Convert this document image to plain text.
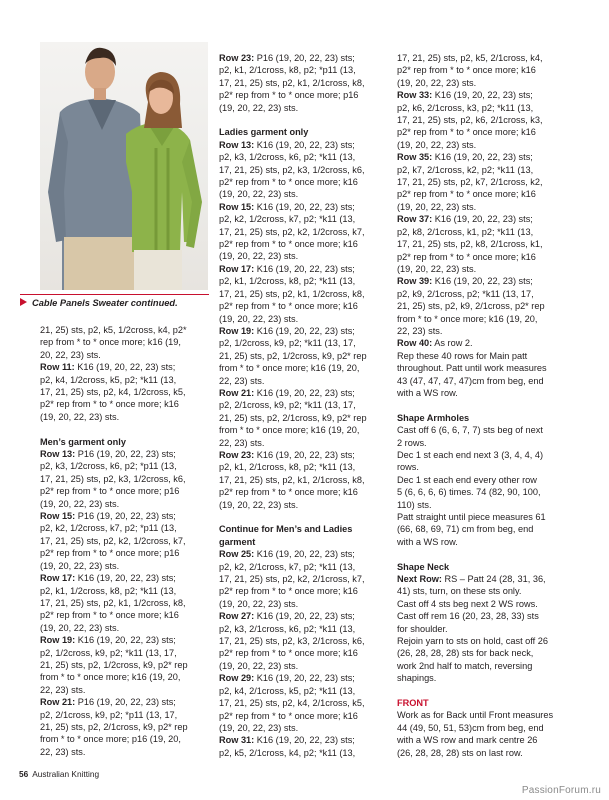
Cable Panels Sweater continued.

21, 25) sts, p2, k5, 1/2cross, k4, p2*

rep from * to * once more; k16 (19,

20, 22, 23) sts.

Row 11: K16 (19, 20, 22, 23) sts;

p2, k4, 1/2cross, k5, p2; *k11 (13,

17, 21, 25) sts, p2, k4, 1/2cross, k5,

p2* rep from * to * once more; k16

(19, 20, 22, 23) sts.

Men’s garment only

Row 13: P16 (19, 20, 22, 23) sts;

p2, k3, 1/2cross, k6, p2; *p11 (13,

17, 21, 25) sts, p2, k3, 1/2cross, k6,

p2* rep from * to * once more; p16

(19, 20, 22, 23) sts.

Row 15: P16 (19, 20, 22, 23) sts;

p2, k2, 1/2cross, k7, p2; *p11 (13,

17, 21, 25) sts, p2, k2, 1/2cross, k7,

p2* rep from * to * once more; p16

(19, 20, 22, 23) sts.

Row 17: K16 (19, 20, 22, 23) sts;

p2, k1, 1/2cross, k8, p2; *k11 (13,

17, 21, 25) sts, p2, k1, 1/2cross, k8,

p2* rep from * to * once more; k16

(19, 20, 22, 23) sts.

Row 19: K16 (19, 20, 22, 23) sts;

p2, 1/2cross, k9, p2; *k11 (13, 17,

21, 25) sts, p2, 1/2cross, k9, p2* rep

from * to * once more; k16 (19, 20,

22, 23) sts.

Row 21: P16 (19, 20, 22, 23) sts;

p2, 2/1cross, k9, p2; *p11 (13, 17,

21, 25) sts, p2, 2/1cross, k9, p2* rep

from * to * once more; p16 (19, 20,

22, 23) sts.

Row 23: P16 (19, 20, 22, 23) sts;

p2, k1, 2/1cross, k8, p2; *p11 (13,

17, 21, 25) sts, p2, k1, 2/1cross, k8,

p2* rep from * to * once more; p16

(19, 20, 22, 23) sts.

Ladies garment only

Row 13: K16 (19, 20, 22, 23) sts;

p2, k3, 1/2cross, k6, p2; *k11 (13,

17, 21, 25) sts, p2, k3, 1/2cross, k6,

p2* rep from * to * once more; k16

(19, 20, 22, 23) sts.

Row 15: K16 (19, 20, 22, 23) sts;

p2, k2, 1/2cross, k7, p2; *k11 (13,

17, 21, 25) sts, p2, k2, 1/2cross, k7,

p2* rep from * to * once more; k16

(19, 20, 22, 23) sts.

Row 17: K16 (19, 20, 22, 23) sts;

p2, k1, 1/2cross, k8, p2; *k11 (13,

17, 21, 25) sts, p2, k1, 1/2cross, k8,

p2* rep from * to * once more; k16

(19, 20, 22, 23) sts.

Row 19: K16 (19, 20, 22, 23) sts;

p2, 1/2cross, k9, p2; *k11 (13, 17,

21, 25) sts, p2, 1/2cross, k9, p2* rep

from * to * once more; k16 (19, 20,

22, 23) sts.

Row 21: K16 (19, 20, 22, 23) sts;

p2, 2/1cross, k9, p2; *k11 (13, 17,

21, 25) sts, p2, 2/1cross, k9, p2* rep

from * to * once more; k16 (19, 20,

22, 23) sts.

Row 23: K16 (19, 20, 22, 23) sts;

p2, k1, 2/1cross, k8, p2; *k11 (13,

17, 21, 25) sts, p2, k1, 2/1cross, k8,

p2* rep from * to * once more; k16

(19, 20, 22, 23) sts.

Continue for Men’s and Ladies

garment

Row 25: K16 (19, 20, 22, 23) sts;

p2, k2, 2/1cross, k7, p2; *k11 (13,

17, 21, 25) sts, p2, k2, 2/1cross, k7,

p2* rep from * to * once more; k16

(19, 20, 22, 23) sts.

Row 27: K16 (19, 20, 22, 23) sts;

p2, k3, 2/1cross, k6, p2; *k11 (13,

17, 21, 25) sts, p2, k3, 2/1cross, k6,

p2* rep from * to * once more; k16

(19, 20, 22, 23) sts.

Row 29: K16 (19, 20, 22, 23) sts;

p2, k4, 2/1cross, k5, p2; *k11 (13,

17, 21, 25) sts, p2, k4, 2/1cross, k5,

p2* rep from * to * once more; k16

(19, 20, 22, 23) sts.

Row 31: K16 (19, 20, 22, 23) sts;

p2, k5, 2/1cross, k4, p2; *k11 (13,

17, 21, 25) sts, p2, k5, 2/1cross, k4,

p2* rep from * to * once more; k16

(19, 20, 22, 23) sts.

Row 33: K16 (19, 20, 22, 23) sts;

p2, k6, 2/1cross, k3, p2; *k11 (13,

17, 21, 25) sts, p2, k6, 2/1cross, k3,

p2* rep from * to * once more; k16

(19, 20, 22, 23) sts.

Row 35: K16 (19, 20, 22, 23) sts;

p2, k7, 2/1cross, k2, p2; *k11 (13,

17, 21, 25) sts, p2, k7, 2/1cross, k2,

p2* rep from * to * once more; k16

(19, 20, 22, 23) sts.

Row 37: K16 (19, 20, 22, 23) sts;

p2, k8, 2/1cross, k1, p2; *k11 (13,

17, 21, 25) sts, p2, k8, 2/1cross, k1,

p2* rep from * to * once more; k16

(19, 20, 22, 23) sts.

Row 39: K16 (19, 20, 22, 23) sts;

p2, k9, 2/1cross, p2; *k11 (13, 17,

21, 25) sts, p2, k9, 2/1cross, p2* rep

from * to * once more; k16 (19, 20,

22, 23) sts.

Row 40: As row 2.

Rep these 40 rows for Main patt

throughout. Patt until work measures

43 (47, 47, 47, 47)cm from beg, end

with a WS row.

Shape Armholes

Cast off 6 (6, 6, 7, 7) sts beg of next

2 rows.

Dec 1 st each end next 3 (3, 4, 4, 4)

rows.

Dec 1 st each end every other row

5 (6, 6, 6, 6) times. 74 (82, 90, 100,

110) sts.

Patt straight until piece measures 61

(66, 68, 69, 71) cm from beg, end

with a WS row.

Shape Neck

Next Row: RS – Patt 24 (28, 31, 36,

41) sts, turn, on these sts only.

Cast off 4 sts beg next 2 WS rows.

Cast off rem 16 (20, 23, 28, 33) sts

for shoulder.

Rejoin yarn to sts on hold, cast off 26

(26, 28, 28, 28) sts for back neck,

work 2nd half to match, reversing

shapings.

FRONT

Work as for Back until Front measures

44 (49, 50, 51, 53)cm from beg, end

with a WS row and mark centre 26

(26, 28, 28, 28) sts on last row.

56 Australian Knitting
PassionForum.ru
